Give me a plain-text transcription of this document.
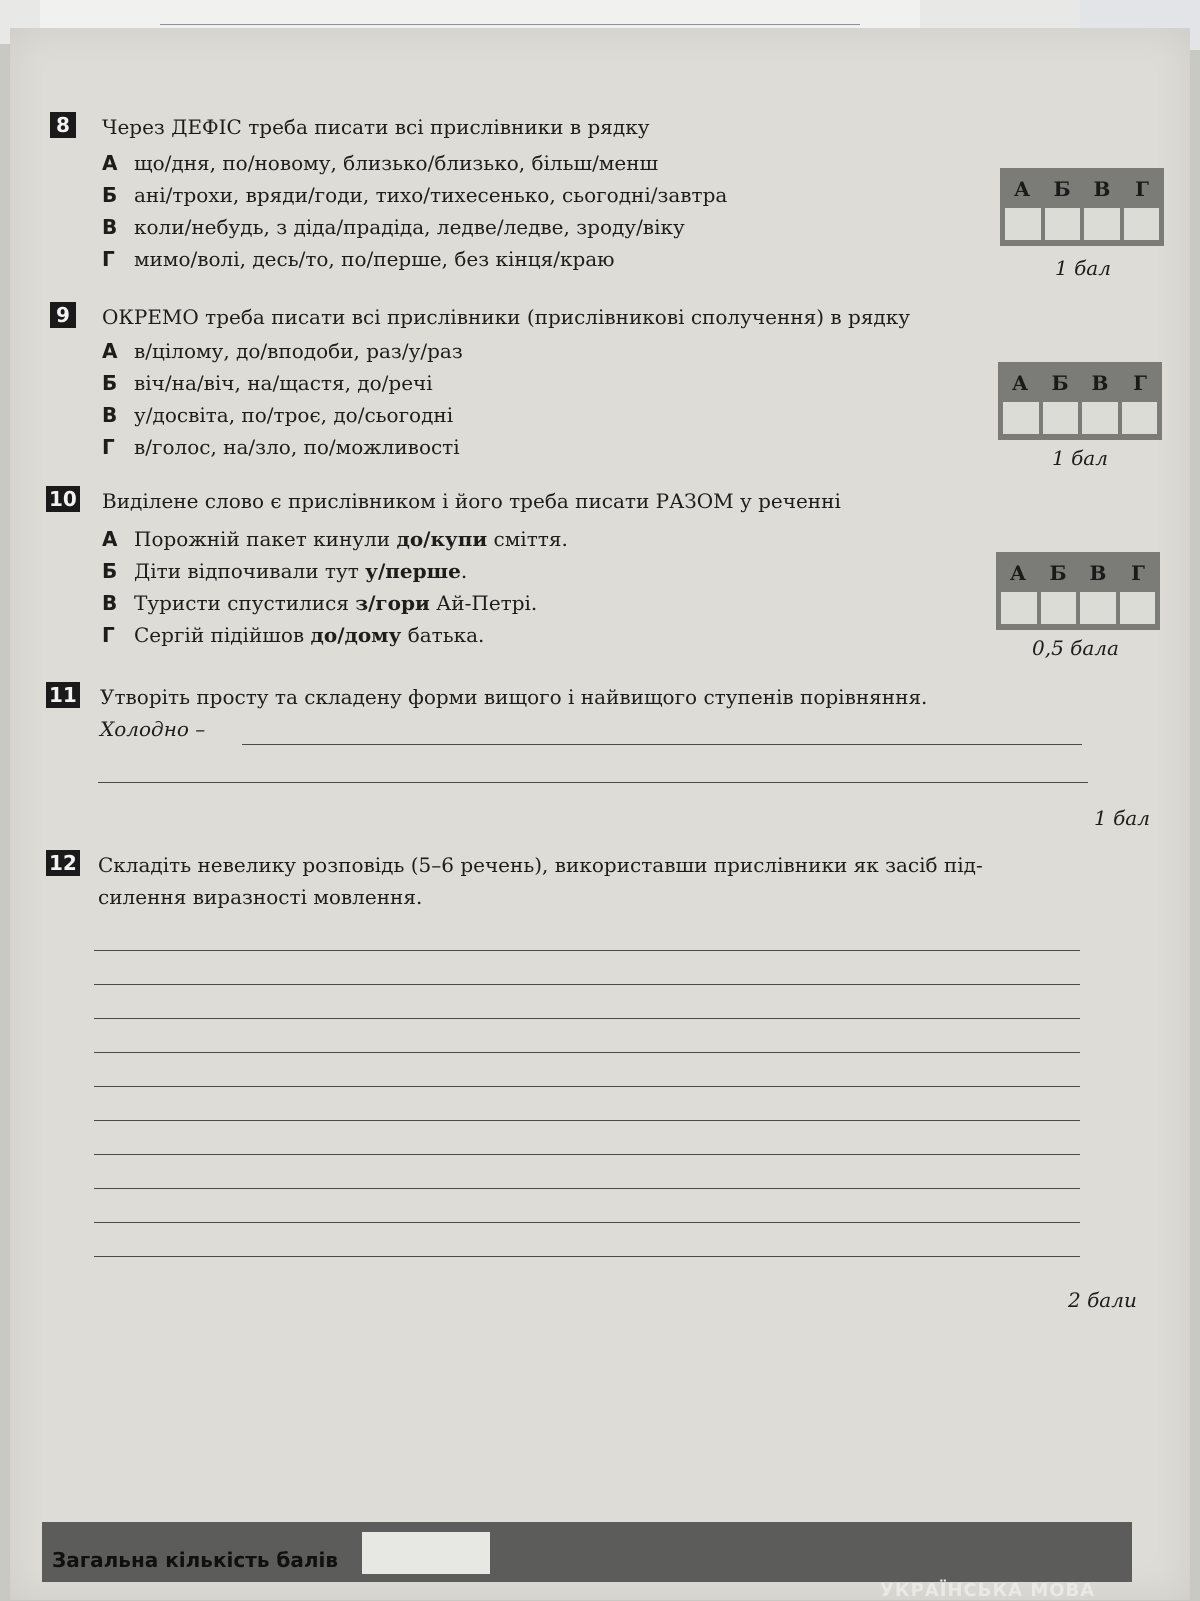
8	Через ДЕФІС треба писати всі прислівники в рядку
А що/дня, по/новому, близько/близько, більш/менш
Б ані/трохи, вряди/годи, тихо/тихесенько, сьогодні/завтра
В коли/небудь, з діда/прадіда, ледве/ледве, зроду/віку
Г мимо/волі, десь/то, по/перше, без кінця/краю
А	Б	В	Г
1 бал
9	ОКРЕМО треба писати всі прислівники (прислівникові сполучення) в рядку
А в/цілому, до/вподоби, раз/у/раз
Б віч/на/віч, на/щастя, до/речі
В у/досвіта, по/троє, до/сьогодні
Г в/голос, на/зло, по/можливості
А	Б	В	Г
1 бал
10 Виділене слово є прислівником і його треба писати РАЗОМ у реченні
А Порожній пакет кинули до/купи сміття.
Б Діти відпочивали тут у/перше.
В Туристи спустилися з/гори Ай-Петрі.
Г Сергій підійшов до/дому батька.
А	Б	В	Г
0,5 бала
11 Утворіть просту та складену форми вищого і найвищого ступенів порівняння.
Холодно –
1 бал
12 Складіть невелику розповідь (5–6 речень), використавши прислівники як засіб під-
силення виразності мовлення.
2 бали
Загальна кількість балів
УКРАЇНСЬКА МОВА
